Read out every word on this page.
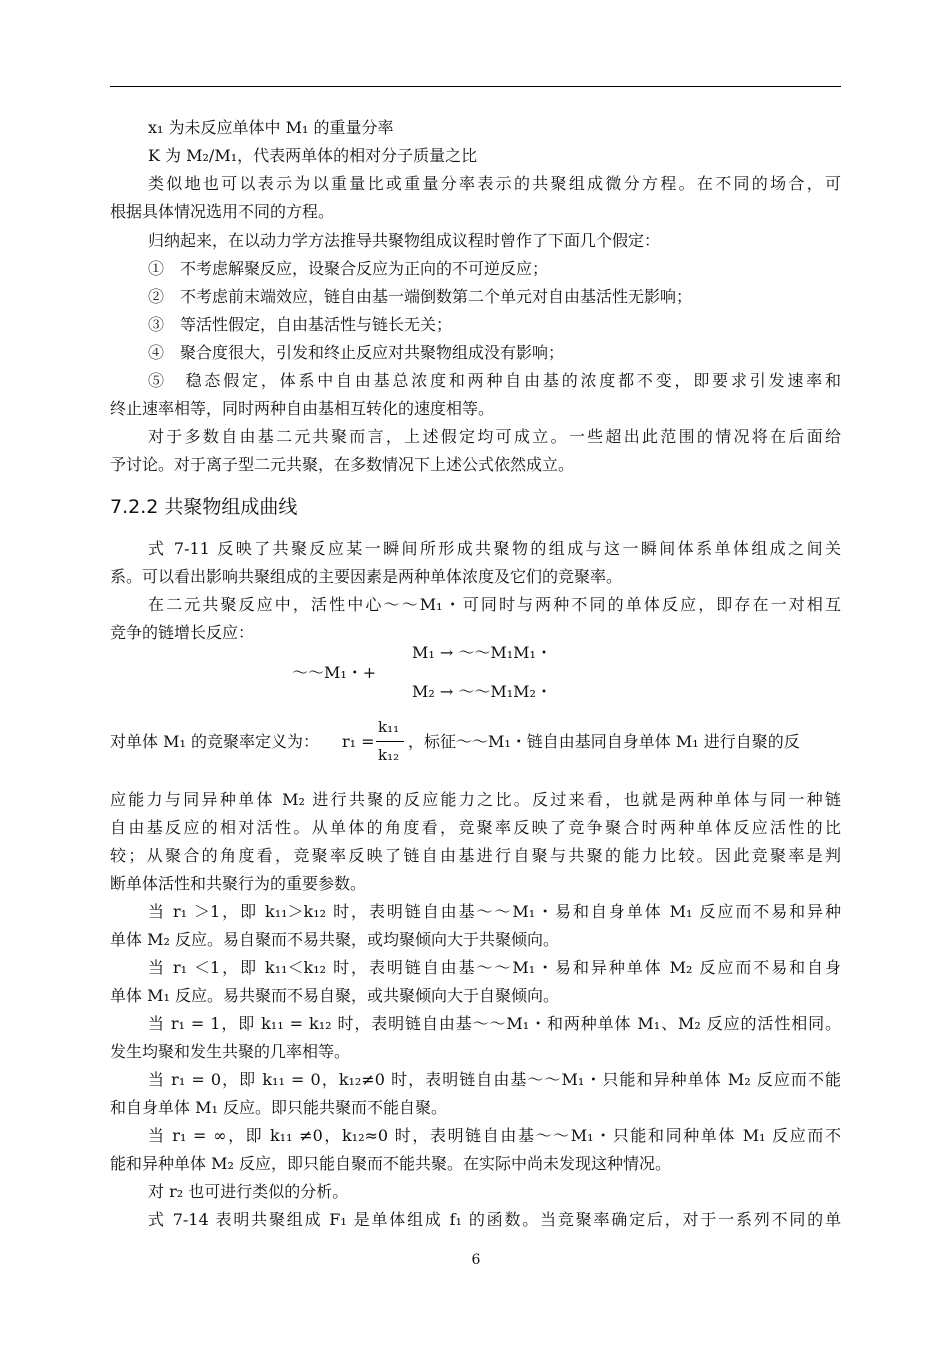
x₁ 为未反应单体中 M₁ 的重量分率
K 为 M₂/M₁，代表两单体的相对分子质量之比
类似地也可以表示为以重量比或重量分率表示的共聚组成微分方程。在不同的场合，可
根据具体情况选用不同的方程。
归纳起来，在以动力学方法推导共聚物组成议程时曾作了下面几个假定：
①　不考虑解聚反应，设聚合反应为正向的不可逆反应；
②　不考虑前末端效应，链自由基一端倒数第二个单元对自由基活性无影响；
③　等活性假定，自由基活性与链长无关；
④　聚合度很大，引发和终止反应对共聚物组成没有影响；
⑤　稳态假定，体系中自由基总浓度和两种自由基的浓度都不变，即要求引发速率和
终止速率相等，同时两种自由基相互转化的速度相等。
对于多数自由基二元共聚而言，上述假定均可成立。一些超出此范围的情况将在后面给
予讨论。对于离子型二元共聚，在多数情况下上述公式依然成立。
7.2.2 共聚物组成曲线
式 7-11 反映了共聚反应某一瞬间所形成共聚物的组成与这一瞬间体系单体组成之间关
系。可以看出影响共聚组成的主要因素是两种单体浓度及它们的竞聚率。
在二元共聚反应中，活性中心～～M₁・可同时与两种不同的单体反应，即存在一对相互
竞争的链增长反应：
～～M₁・+
M₁ → ～～M₁M₁・
M₂ → ～～M₁M₂・
对单体 M₁ 的竞聚率定义为： r₁ =
k₁₁
k₁₂
，标征～～M₁・链自由基同自身单体 M₁ 进行自聚的反
应能力与同异种单体 M₂ 进行共聚的反应能力之比。反过来看，也就是两种单体与同一种链
自由基反应的相对活性。从单体的角度看，竞聚率反映了竞争聚合时两种单体反应活性的比
较；从聚合的角度看，竞聚率反映了链自由基进行自聚与共聚的能力比较。因此竞聚率是判
断单体活性和共聚行为的重要参数。
当 r₁ ＞1，即 k₁₁＞k₁₂ 时，表明链自由基～～M₁・易和自身单体 M₁ 反应而不易和异种
单体 M₂ 反应。易自聚而不易共聚，或均聚倾向大于共聚倾向。
当 r₁ ＜1，即 k₁₁＜k₁₂ 时，表明链自由基～～M₁・易和异种单体 M₂ 反应而不易和自身
单体 M₁ 反应。易共聚而不易自聚，或共聚倾向大于自聚倾向。
当 r₁ = 1，即 k₁₁ = k₁₂ 时，表明链自由基～～M₁・和两种单体 M₁、M₂ 反应的活性相同。
发生均聚和发生共聚的几率相等。
当 r₁ = 0，即 k₁₁ = 0，k₁₂≠0 时，表明链自由基～～M₁・只能和异种单体 M₂ 反应而不能
和自身单体 M₁ 反应。即只能共聚而不能自聚。
当 r₁ = ∞，即 k₁₁ ≠0，k₁₂≈0 时，表明链自由基～～M₁・只能和同种单体 M₁ 反应而不
能和异种单体 M₂ 反应，即只能自聚而不能共聚。在实际中尚未发现这种情况。
对 r₂ 也可进行类似的分析。
式 7-14 表明共聚组成 F₁ 是单体组成 f₁ 的函数。当竞聚率确定后，对于一系列不同的单
6
